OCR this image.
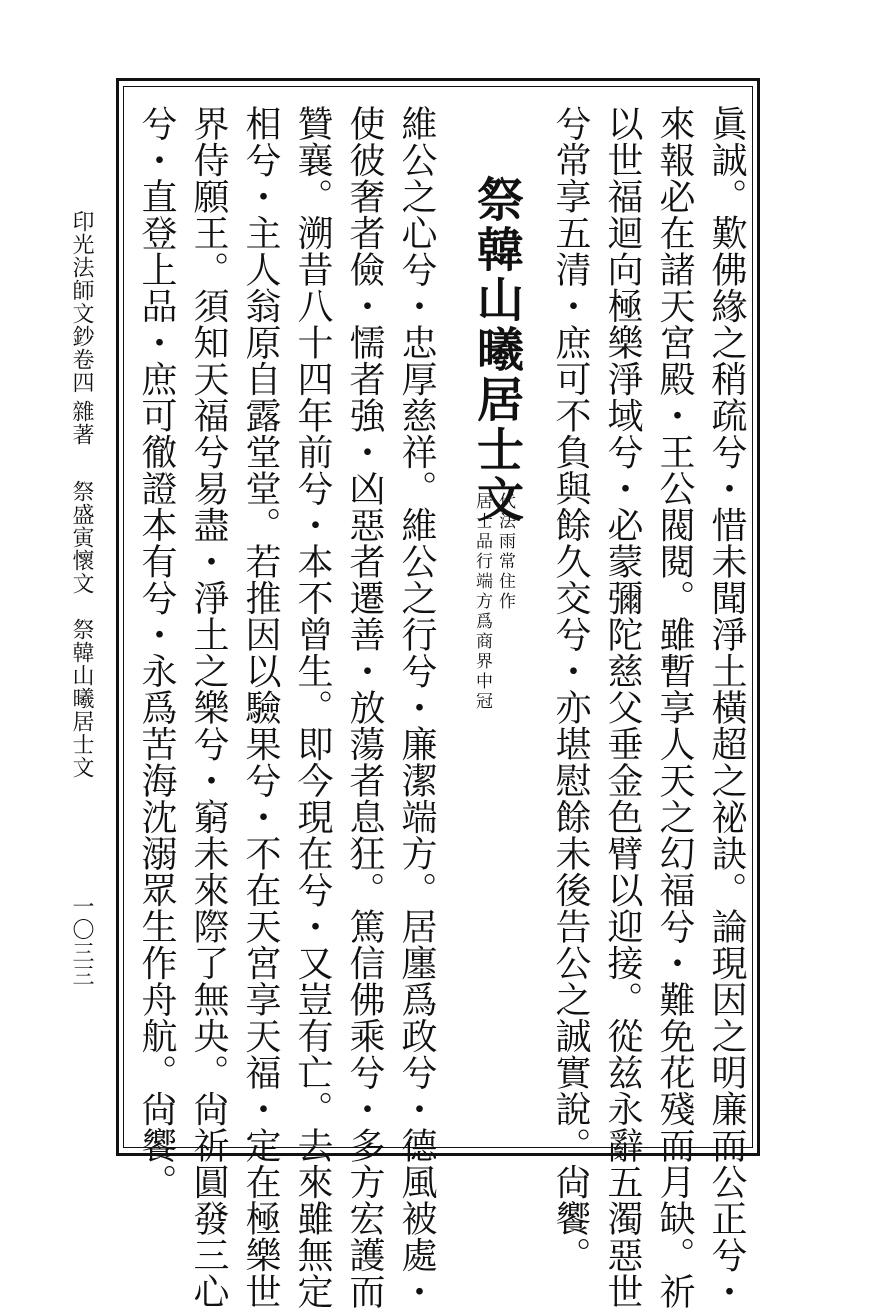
兮常享五清・庶可不負與餘久交兮・亦堪慰餘未後告公之誠實說。尙饗。 以世福迴向極樂淨域兮・必蒙彌陀慈父垂金色臂以迎接。從兹永辭五濁惡世 來報必在諸天宮殿・王公閥閱。雖暫享人天之幻福兮・難免花殘而月缺。祈 眞誠。歎佛緣之稍疏兮・惜未聞淨土橫超之祕訣。論現因之明廉而公正兮・
祭韓山曦居士文
代法雨常住作
居士品行端方爲商界中冠
維公之心兮・忠厚慈祥。維公之行兮・廉潔端方。居廛爲政兮・德風被處・
使彼奢者儉・懦者強・凶惡者遷善・放蕩者息狂。篤信佛乘兮・多方宏護而
贊襄。溯昔八十四年前兮・本不曾生。即今現在兮・又豈有亡。去來雖無定
相兮・主人翁原自露堂堂。若推因以驗果兮・不在天宮享天福・定在極樂世
界侍願王。須知天福兮易盡・淨土之樂兮・窮未來際了無央。尙祈圓發三心
兮・直登上品・庶可徹證本有兮・永爲苦海沈溺眾生作舟航。尙饗。
印光法師文鈔卷四
雜著
祭盛寅懷文　祭韓山曦居士文
一〇三三
